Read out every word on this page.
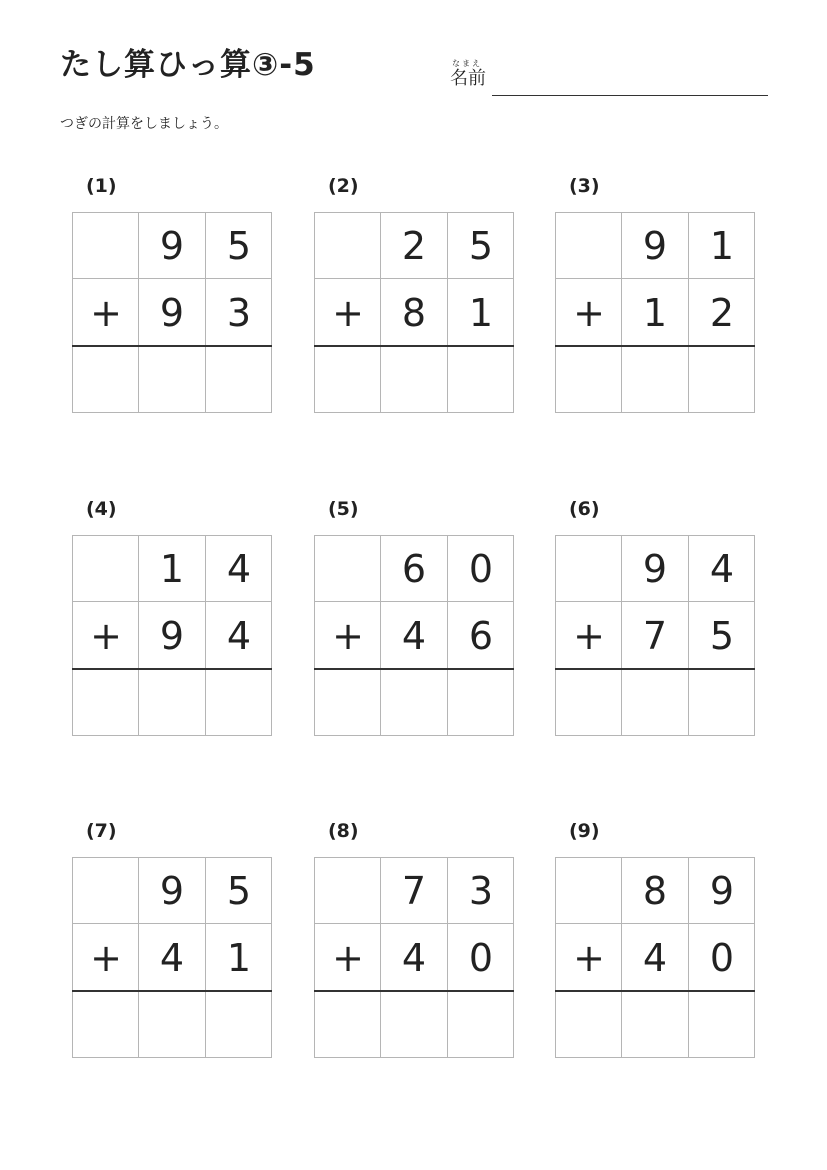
たし算ひっ算③-5	なまえ
名前
つぎの計算をしましょう。
(1)
9	5
+ 9	3
(2)
2	5
+ 8	1
(3)
9	1
+ 1	2
(4)
1	4
+ 9	4
(5)
6	0
+ 4	6
(6)
9	4
+ 7	5
(7)
9	5
+ 4	1
(8)
7	3
+ 4	0
(9)
8	9
+ 4	0
